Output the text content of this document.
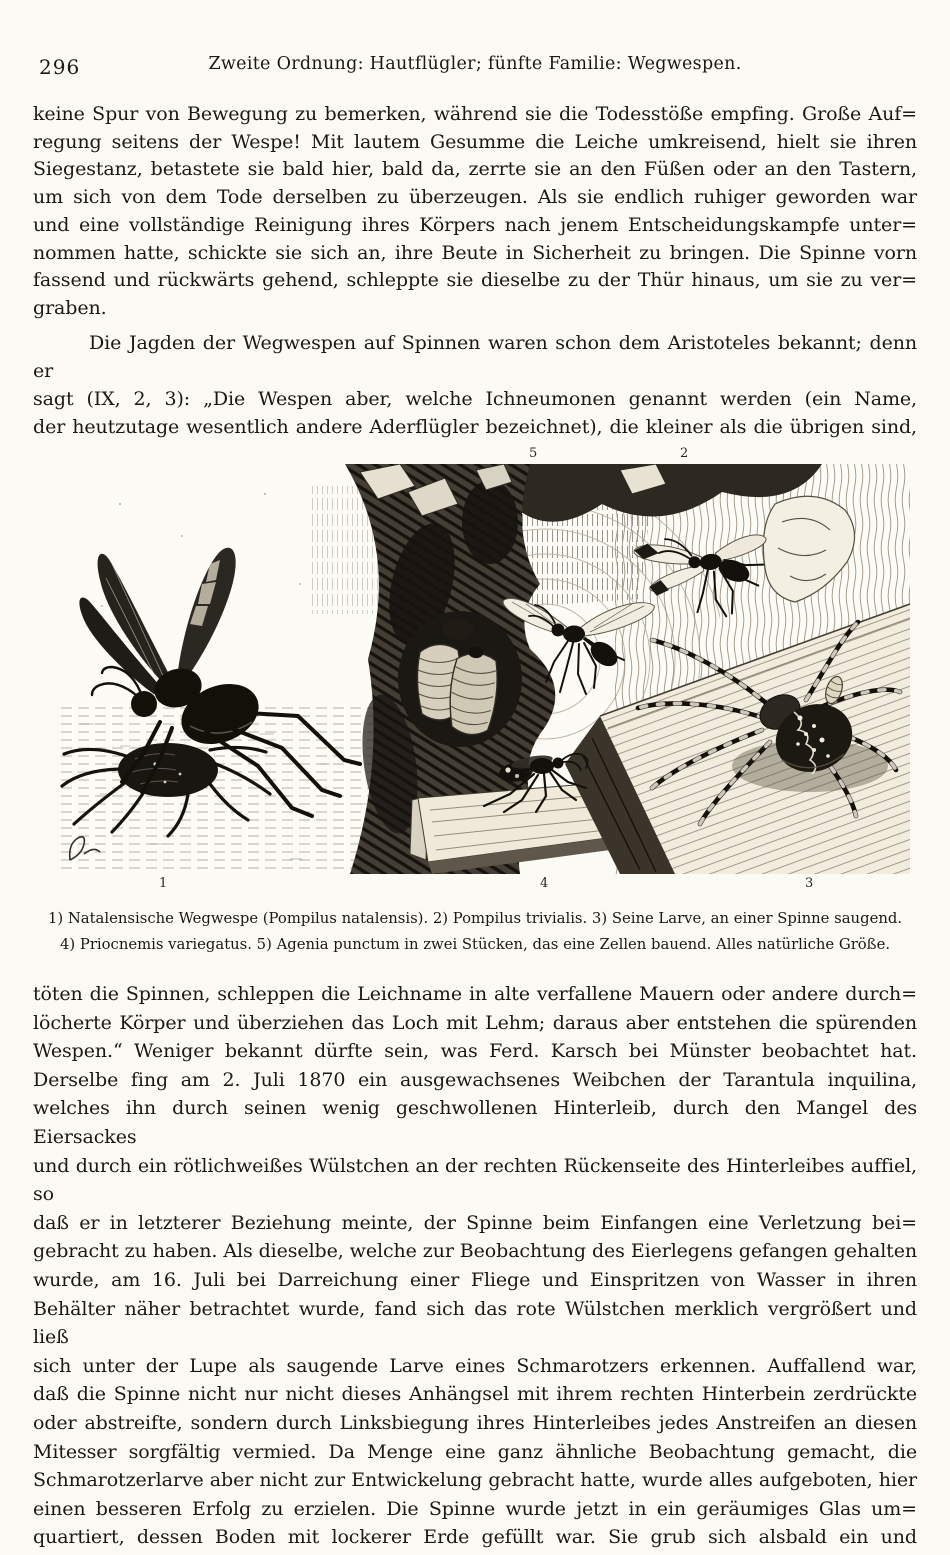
296	Zweite Ordnung: Hautflügler; fünfte Familie: Wegwespen.
keine Spur von Bewegung zu bemerken, während sie die Todesstöße empfing. Große Auf=
regung seitens der Wespe! Mit lautem Gesumme die Leiche umkreisend, hielt sie ihren
Siegestanz, betastete sie bald hier, bald da, zerrte sie an den Füßen oder an den Tastern,
um sich von dem Tode derselben zu überzeugen. Als sie endlich ruhiger geworden war
und eine vollständige Reinigung ihres Körpers nach jenem Entscheidungskampfe unter=
nommen hatte, schickte sie sich an, ihre Beute in Sicherheit zu bringen. Die Spinne vorn
fassend und rückwärts gehend, schleppte sie dieselbe zu der Thür hinaus, um sie zu ver=
graben.
Die Jagden der Wegwespen auf Spinnen waren schon dem Aristoteles bekannt; denn er
sagt (IX, 2, 3): „Die Wespen aber, welche Ichneumonen genannt werden (ein Name,
der heutzutage wesentlich andere Aderflügler bezeichnet), die kleiner als die übrigen sind,
5	2
1	4	3
1) Natalensische Wegwespe (Pompilus natalensis). 2) Pompilus trivialis. 3) Seine Larve, an einer Spinne saugend.
4) Priocnemis variegatus. 5) Agenia punctum in zwei Stücken, das eine Zellen bauend. Alles natürliche Größe.
töten die Spinnen, schleppen die Leichname in alte verfallene Mauern oder andere durch=
löcherte Körper und überziehen das Loch mit Lehm; daraus aber entstehen die spürenden
Wespen.“ Weniger bekannt dürfte sein, was Ferd. Karsch bei Münster beobachtet hat.
Derselbe fing am 2. Juli 1870 ein ausgewachsenes Weibchen der Tarantula inquilina,
welches ihn durch seinen wenig geschwollenen Hinterleib, durch den Mangel des Eiersackes
und durch ein rötlichweißes Wülstchen an der rechten Rückenseite des Hinterleibes auffiel, so
daß er in letzterer Beziehung meinte, der Spinne beim Einfangen eine Verletzung bei=
gebracht zu haben. Als dieselbe, welche zur Beobachtung des Eierlegens gefangen gehalten
wurde, am 16. Juli bei Darreichung einer Fliege und Einspritzen von Wasser in ihren
Behälter näher betrachtet wurde, fand sich das rote Wülstchen merklich vergrößert und ließ
sich unter der Lupe als saugende Larve eines Schmarotzers erkennen. Auffallend war,
daß die Spinne nicht nur nicht dieses Anhängsel mit ihrem rechten Hinterbein zerdrückte
oder abstreifte, sondern durch Linksbiegung ihres Hinterleibes jedes Anstreifen an diesen
Mitesser sorgfältig vermied. Da Menge eine ganz ähnliche Beobachtung gemacht, die
Schmarotzerlarve aber nicht zur Entwickelung gebracht hatte, wurde alles aufgeboten, hier
einen besseren Erfolg zu erzielen. Die Spinne wurde jetzt in ein geräumiges Glas um=
quartiert, dessen Boden mit lockerer Erde gefüllt war. Sie grub sich alsbald ein und
